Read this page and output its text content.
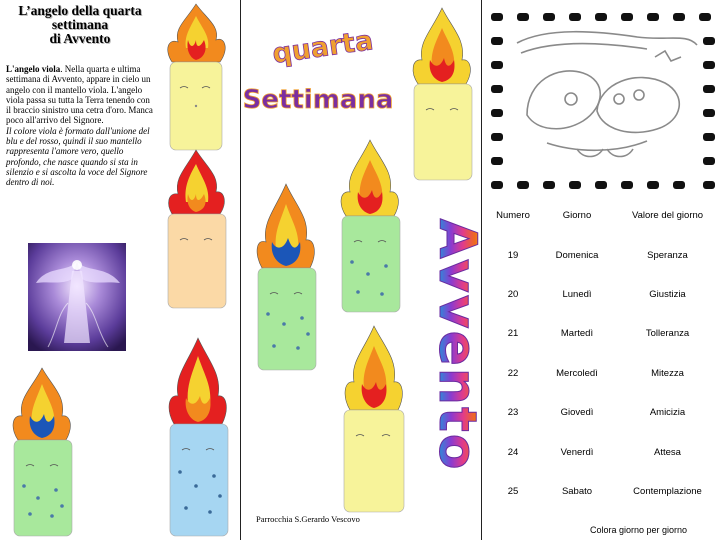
L’angelo della quarta
settimana
di Avvento
L'angelo viola. Nella quarta e ultima settimana di Avvento, appare in cielo un angelo con il mantello viola. L'angelo viola passa su tutta la Terra tenendo con il braccio sinistro una cetra d'oro. Manca poco all'arrivo del Signore.
Il colore viola è formato dall'unione del blu e del rosso, quindi il suo mantello rappresenta l'amore vero, quello profondo, che nasce quando si sta in silenzio e si ascolta la voce del Signore dentro di noi.
quarta
Settimana
Avvento
Parrocchia S.Gerardo Vescovo
Numero	Giorno	Valore del giorno
19	Domenica	Speranza
20	Lunedì	Giustizia
21	Martedì	Tolleranza
22	Mercoledì	Mitezza
23	Giovedì	Amicizia
24	Venerdì	Attesa
25	Sabato	Contemplazione
Colora giorno per giorno
